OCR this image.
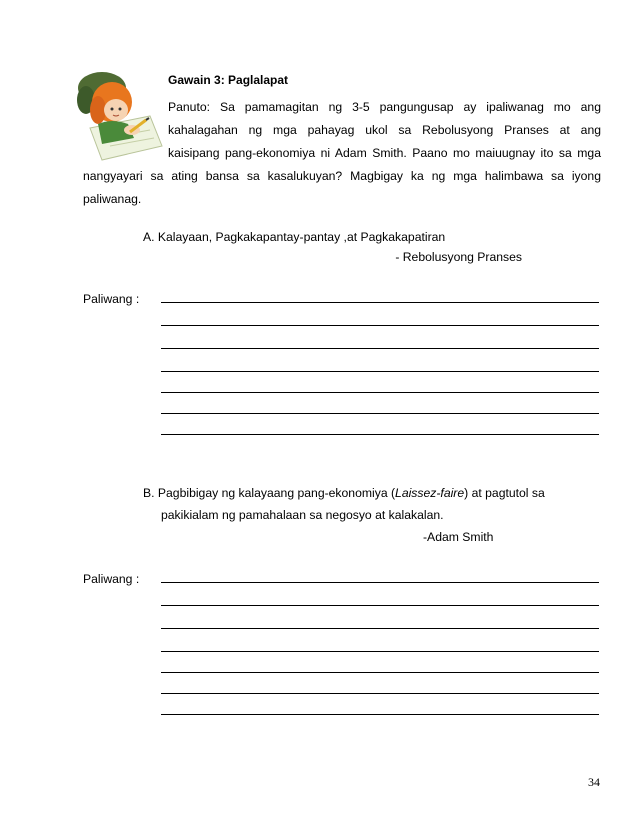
Gawain 3: Paglalapat
Panuto: Sa pamamagitan ng 3-5 pangungusap ay ipaliwanag mo ang
kahalagahan ng mga pahayag ukol sa Rebolusyong Pranses at ang
kaisipang pang-ekonomiya ni Adam Smith. Paano mo maiuugnay ito sa mga
nangyayari sa ating bansa sa kasalukuyan? Magbigay ka ng mga halimbawa sa iyong
paliwanag.
A. Kalayaan, Pagkakapantay-pantay ,at Pagkakapatiran
- Rebolusyong Pranses
Paliwang :
B. Pagbibigay ng kalayaang pang-ekonomiya (Laissez-faire) at pagtutol sa
pakikialam ng pamahalaan sa negosyo at kalakalan.
-Adam Smith
Paliwang :
34
